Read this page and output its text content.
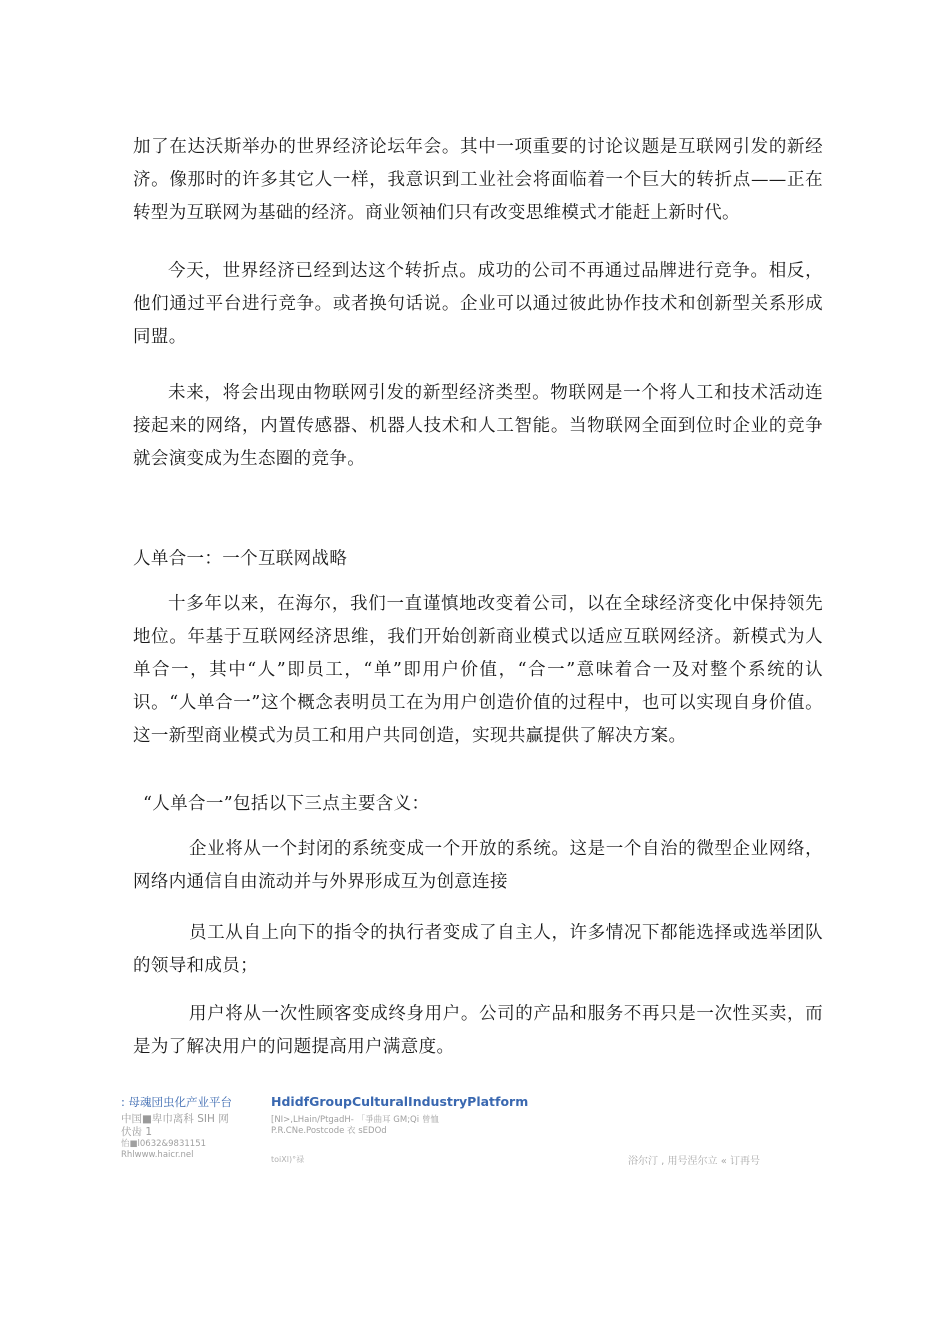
加了在达沃斯举办的世界经济论坛年会。其中一项重要的讨论议题是互联网引发的新经济。像那时的许多其它人一样，我意识到工业社会将面临着一个巨大的转折点——正在转型为互联网为基础的经济。商业领袖们只有改变思维模式才能赶上新时代。

今天，世界经济已经到达这个转折点。成功的公司不再通过品牌进行竞争。相反，他们通过平台进行竞争。或者换句话说。企业可以通过彼此协作技术和创新型关系形成同盟。

未来，将会出现由物联网引发的新型经济类型。物联网是一个将人工和技术活动连接起来的网络，内置传感器、机器人技术和人工智能。当物联网全面到位时企业的竞争就会演变成为生态圈的竞争。

人单合一：一个互联网战略

十多年以来，在海尔，我们一直谨慎地改变着公司，以在全球经济变化中保持领先地位。年基于互联网经济思维，我们开始创新商业模式以适应互联网经济。新模式为人单合一，其中“人”即员工，“单”即用户价值，“合一”意味着合一及对整个系统的认识。“人单合一”这个概念表明员工在为用户创造价值的过程中，也可以实现自身价值。这一新型商业模式为员工和用户共同创造，实现共赢提供了解决方案。

“人单合一”包括以下三点主要含义：

企业将从一个封闭的系统变成一个开放的系统。这是一个自治的微型企业网络，网络内通信自由流动并与外界形成互为创意连接

员工从自上向下的指令的执行者变成了自主人，许多情况下都能选择或选举团队的领导和成员；

用户将从一次性顾客变成终身用户。公司的产品和服务不再只是一次性买卖，而是为了解决用户的问题提高用户满意度。

: 母魂団虫化产业平台

中国■卑巾离科 SIH 网

伏齿 1

怡■l0632&9831151

Rhlwww.haicr.nel

HdidfGroupCulturalIndustryPlatform

[NI>,LHain/PtgadH- 「爭曲耳 GM;Qi 曾恤

P.R.CNe.Postcode 衣 sEDOd

toiXl)°禄	浴尔汀 , 用号涅尔立 « 订再号
